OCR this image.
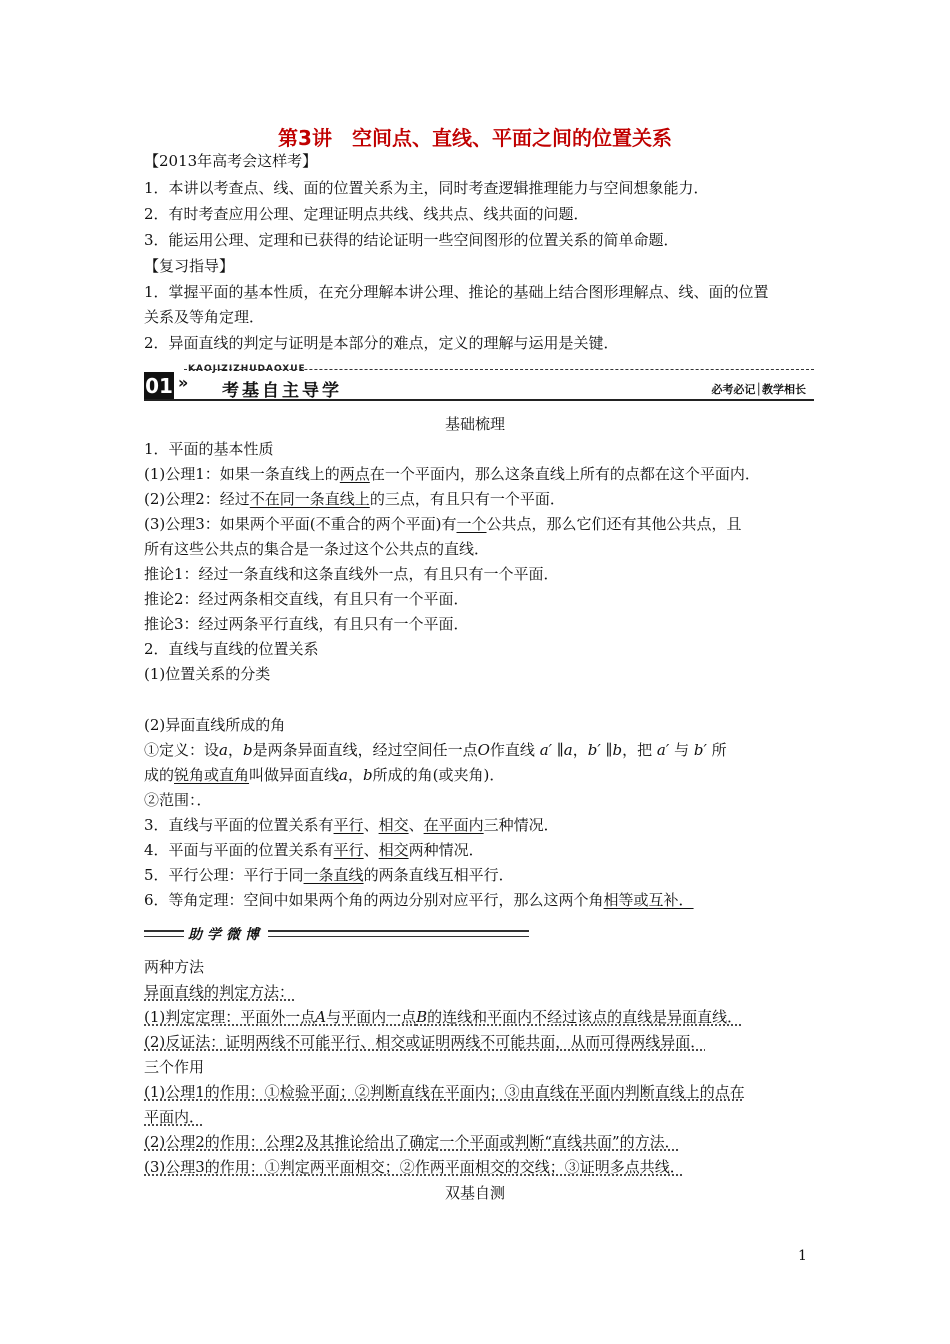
第3讲　空间点、直线、平面之间的位置关系
【2013年高考会这样考】
1．本讲以考查点、线、面的位置关系为主，同时考查逻辑推理能力与空间想象能力．
2．有时考查应用公理、定理证明点共线、线共点、线共面的问题．
3．能运用公理、定理和已获得的结论证明一些空间图形的位置关系的简单命题．
【复习指导】
1．掌握平面的基本性质，在充分理解本讲公理、推论的基础上结合图形理解点、线、面的位置
关系及等角定理．
2．异面直线的判定与证明是本部分的难点，定义的理解与运用是关键．
KAOJIZIZHUDAOXUE
01 » 考基自主导学	必考必记│教学相长
基础梳理
1．平面的基本性质
(1)公理1：如果一条直线上的两点在一个平面内，那么这条直线上所有的点都在这个平面内．
(2)公理2：经过不在同一条直线上的三点，有且只有一个平面．
(3)公理3：如果两个平面(不重合的两个平面)有一个公共点，那么它们还有其他公共点，且
所有这些公共点的集合是一条过这个公共点的直线．
推论1：经过一条直线和这条直线外一点，有且只有一个平面．
推论2：经过两条相交直线，有且只有一个平面．
推论3：经过两条平行直线，有且只有一个平面．
2．直线与直线的位置关系
(1)位置关系的分类
(2)异面直线所成的角
①定义：设a，b是两条异面直线，经过空间任一点O作直线 a′ ∥a，b′ ∥b，把 a′ 与 b′ 所
成的锐角或直角叫做异面直线a，b所成的角(或夹角)．
②范围：．
3．直线与平面的位置关系有平行、相交、在平面内三种情况．
4．平面与平面的位置关系有平行、相交两种情况．
5．平行公理：平行于同一条直线的两条直线互相平行．
6．等角定理：空间中如果两个角的两边分别对应平行，那么这两个角相等或互补．
助学微博
两种方法
异面直线的判定方法：
(1)判定定理：平面外一点A与平面内一点B的连线和平面内不经过该点的直线是异面直线．
(2)反证法：证明两线不可能平行、相交或证明两线不可能共面，从而可得两线异面．
三个作用
(1)公理1的作用：①检验平面；②判断直线在平面内；③由直线在平面内判断直线上的点在
平面内．
(2)公理2的作用：公理2及其推论给出了确定一个平面或判断“直线共面”的方法．
(3)公理3的作用：①判定两平面相交；②作两平面相交的交线；③证明多点共线．
双基自测
1
